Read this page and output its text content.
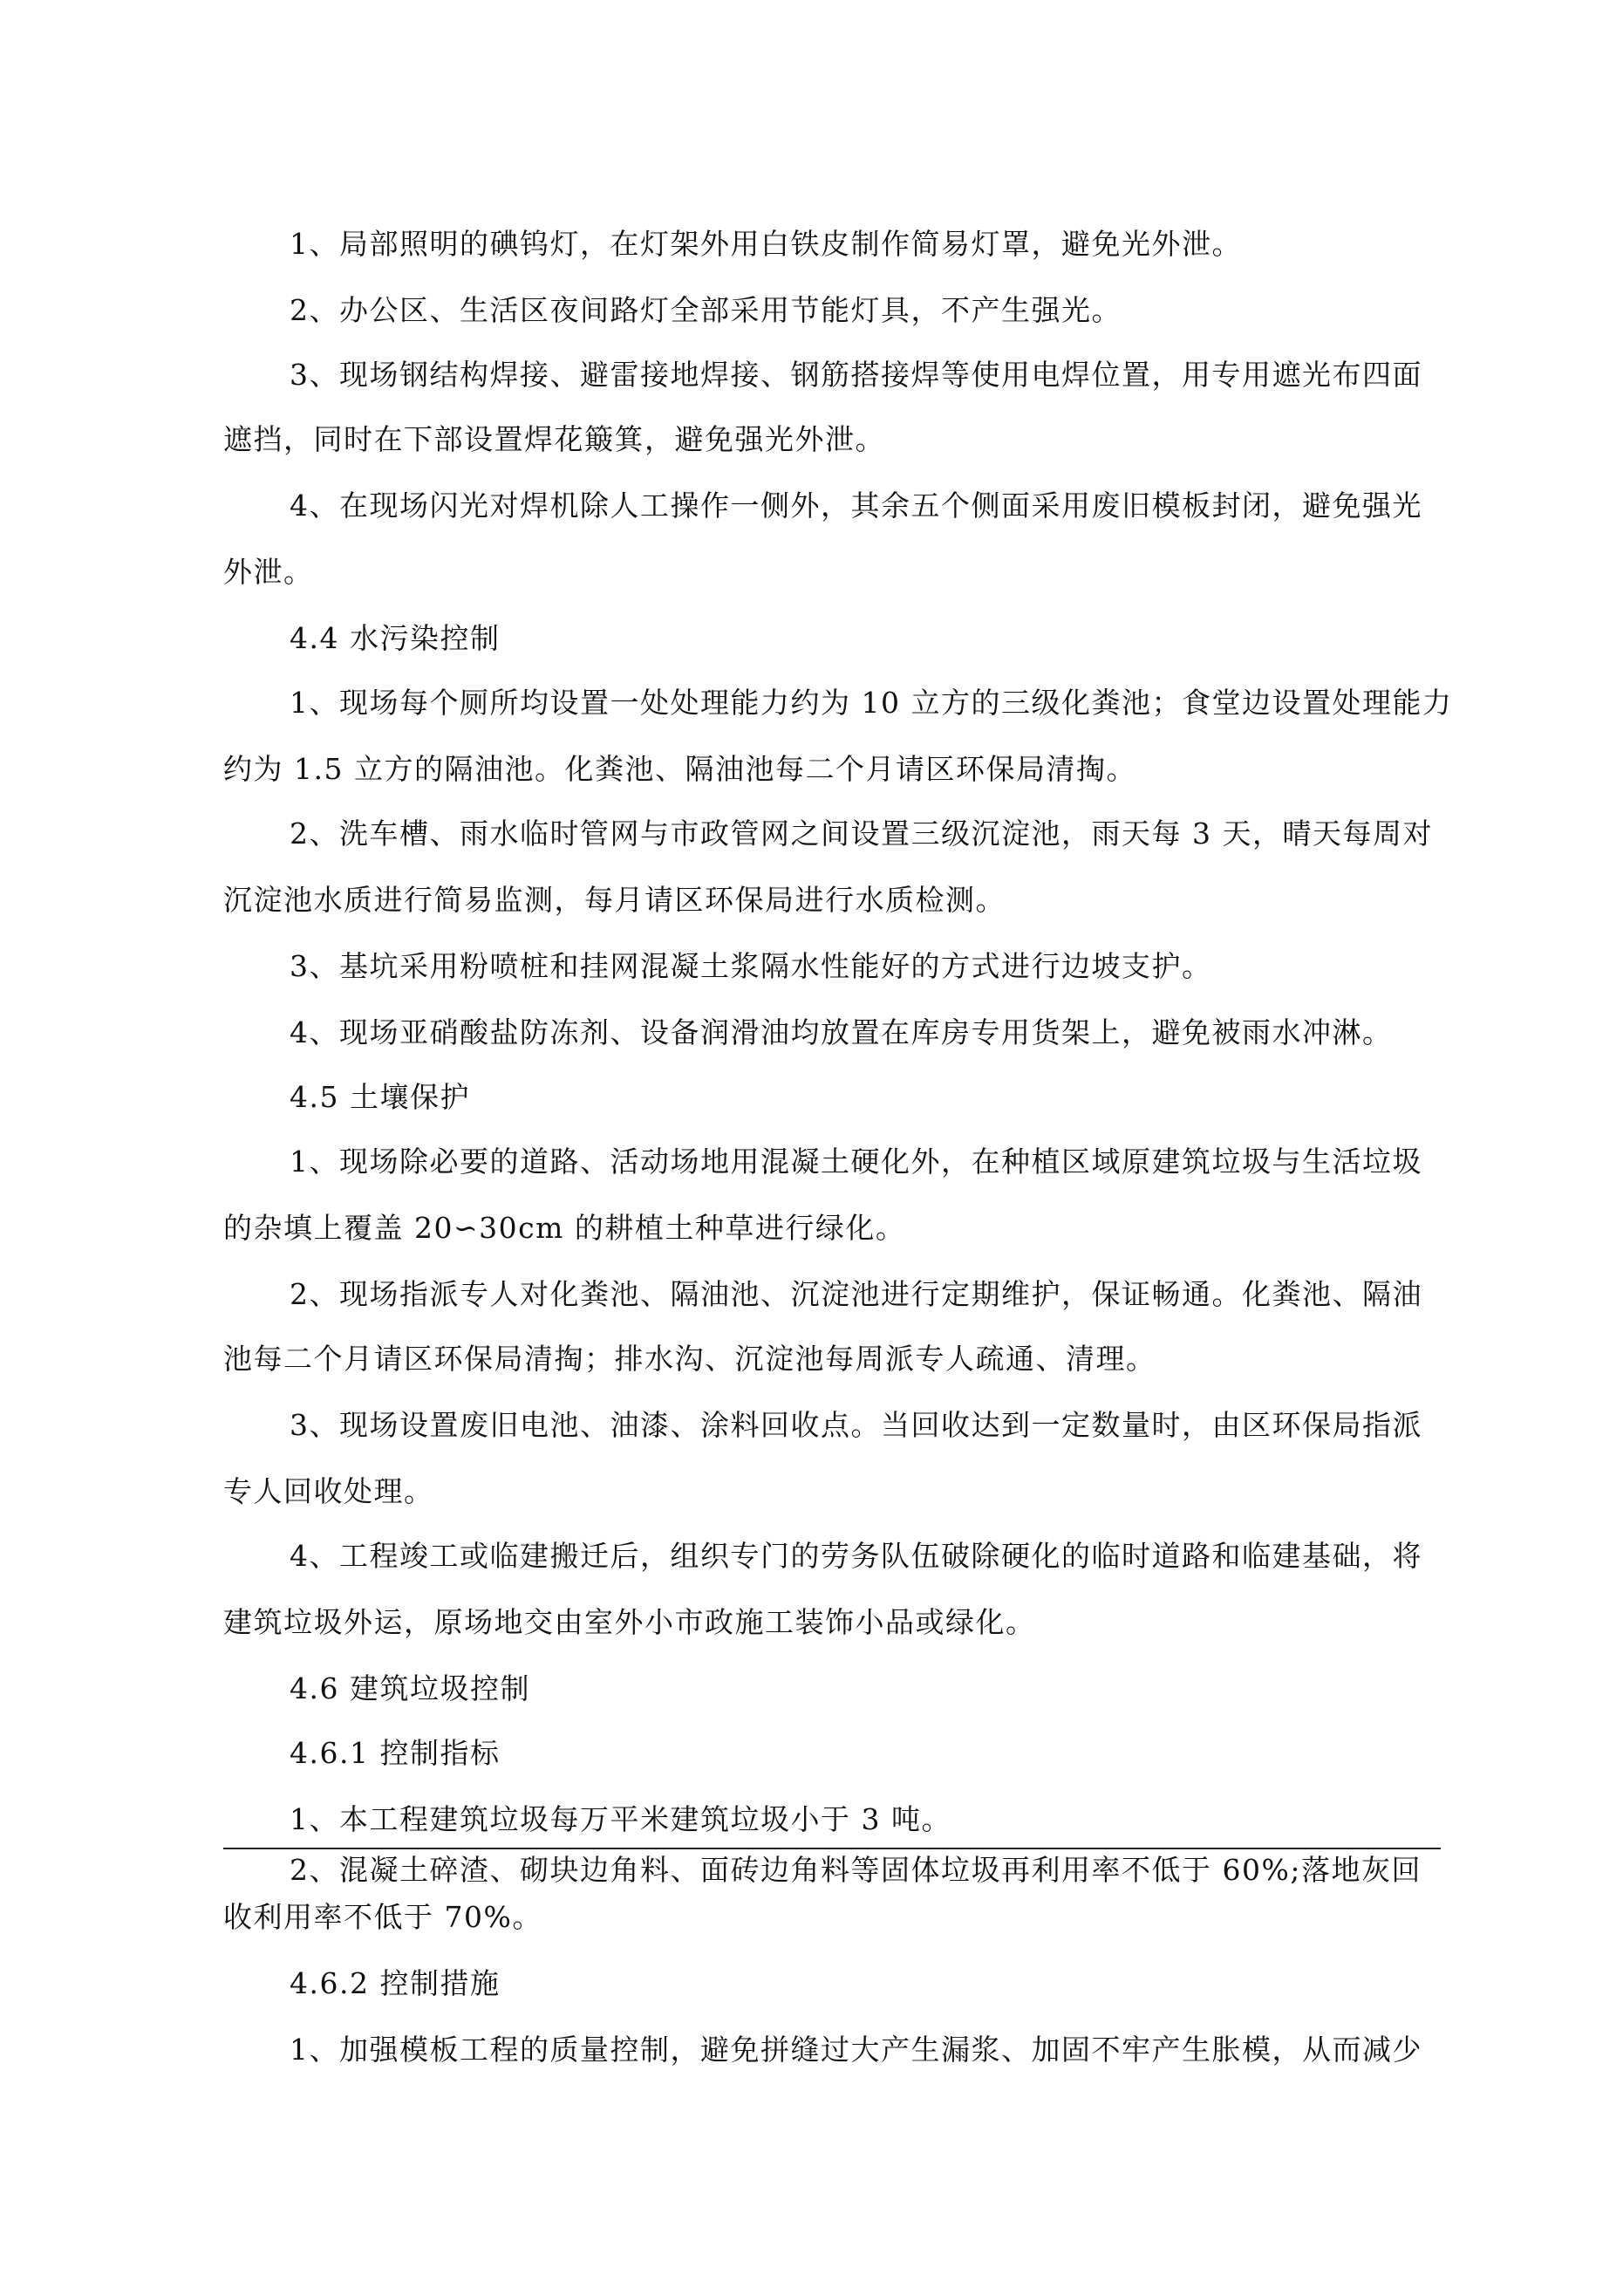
1、局部照明的碘钨灯，在灯架外用白铁皮制作简易灯罩，避免光外泄。
2、办公区、生活区夜间路灯全部采用节能灯具，不产生强光。
3、现场钢结构焊接、避雷接地焊接、钢筋搭接焊等使用电焊位置，用专用遮光布四面
遮挡，同时在下部设置焊花簸箕，避免强光外泄。
4、在现场闪光对焊机除人工操作一侧外，其余五个侧面采用废旧模板封闭，避免强光
外泄。
4.4 水污染控制
1、现场每个厕所均设置一处处理能力约为 10 立方的三级化粪池；食堂边设置处理能力
约为 1.5 立方的隔油池。化粪池、隔油池每二个月请区环保局清掏。
2、洗车槽、雨水临时管网与市政管网之间设置三级沉淀池，雨天每 3 天，晴天每周对
沉淀池水质进行简易监测，每月请区环保局进行水质检测。
3、基坑采用粉喷桩和挂网混凝土浆隔水性能好的方式进行边坡支护。
4、现场亚硝酸盐防冻剂、设备润滑油均放置在库房专用货架上，避免被雨水冲淋。
4.5 土壤保护
1、现场除必要的道路、活动场地用混凝土硬化外，在种植区域原建筑垃圾与生活垃圾
的杂填上覆盖 20∽30cm 的耕植土种草进行绿化。
2、现场指派专人对化粪池、隔油池、沉淀池进行定期维护，保证畅通。化粪池、隔油
池每二个月请区环保局清掏；排水沟、沉淀池每周派专人疏通、清理。
3、现场设置废旧电池、油漆、涂料回收点。当回收达到一定数量时，由区环保局指派
专人回收处理。
4、工程竣工或临建搬迁后，组织专门的劳务队伍破除硬化的临时道路和临建基础，将
建筑垃圾外运，原场地交由室外小市政施工装饰小品或绿化。
4.6 建筑垃圾控制
4.6.1 控制指标
1、本工程建筑垃圾每万平米建筑垃圾小于 3 吨。
2、混凝土碎渣、砌块边角料、面砖边角料等固体垃圾再利用率不低于 60%;落地灰回
收利用率不低于 70%。
4.6.2 控制措施
1、加强模板工程的质量控制，避免拼缝过大产生漏浆、加固不牢产生胀模，从而减少
